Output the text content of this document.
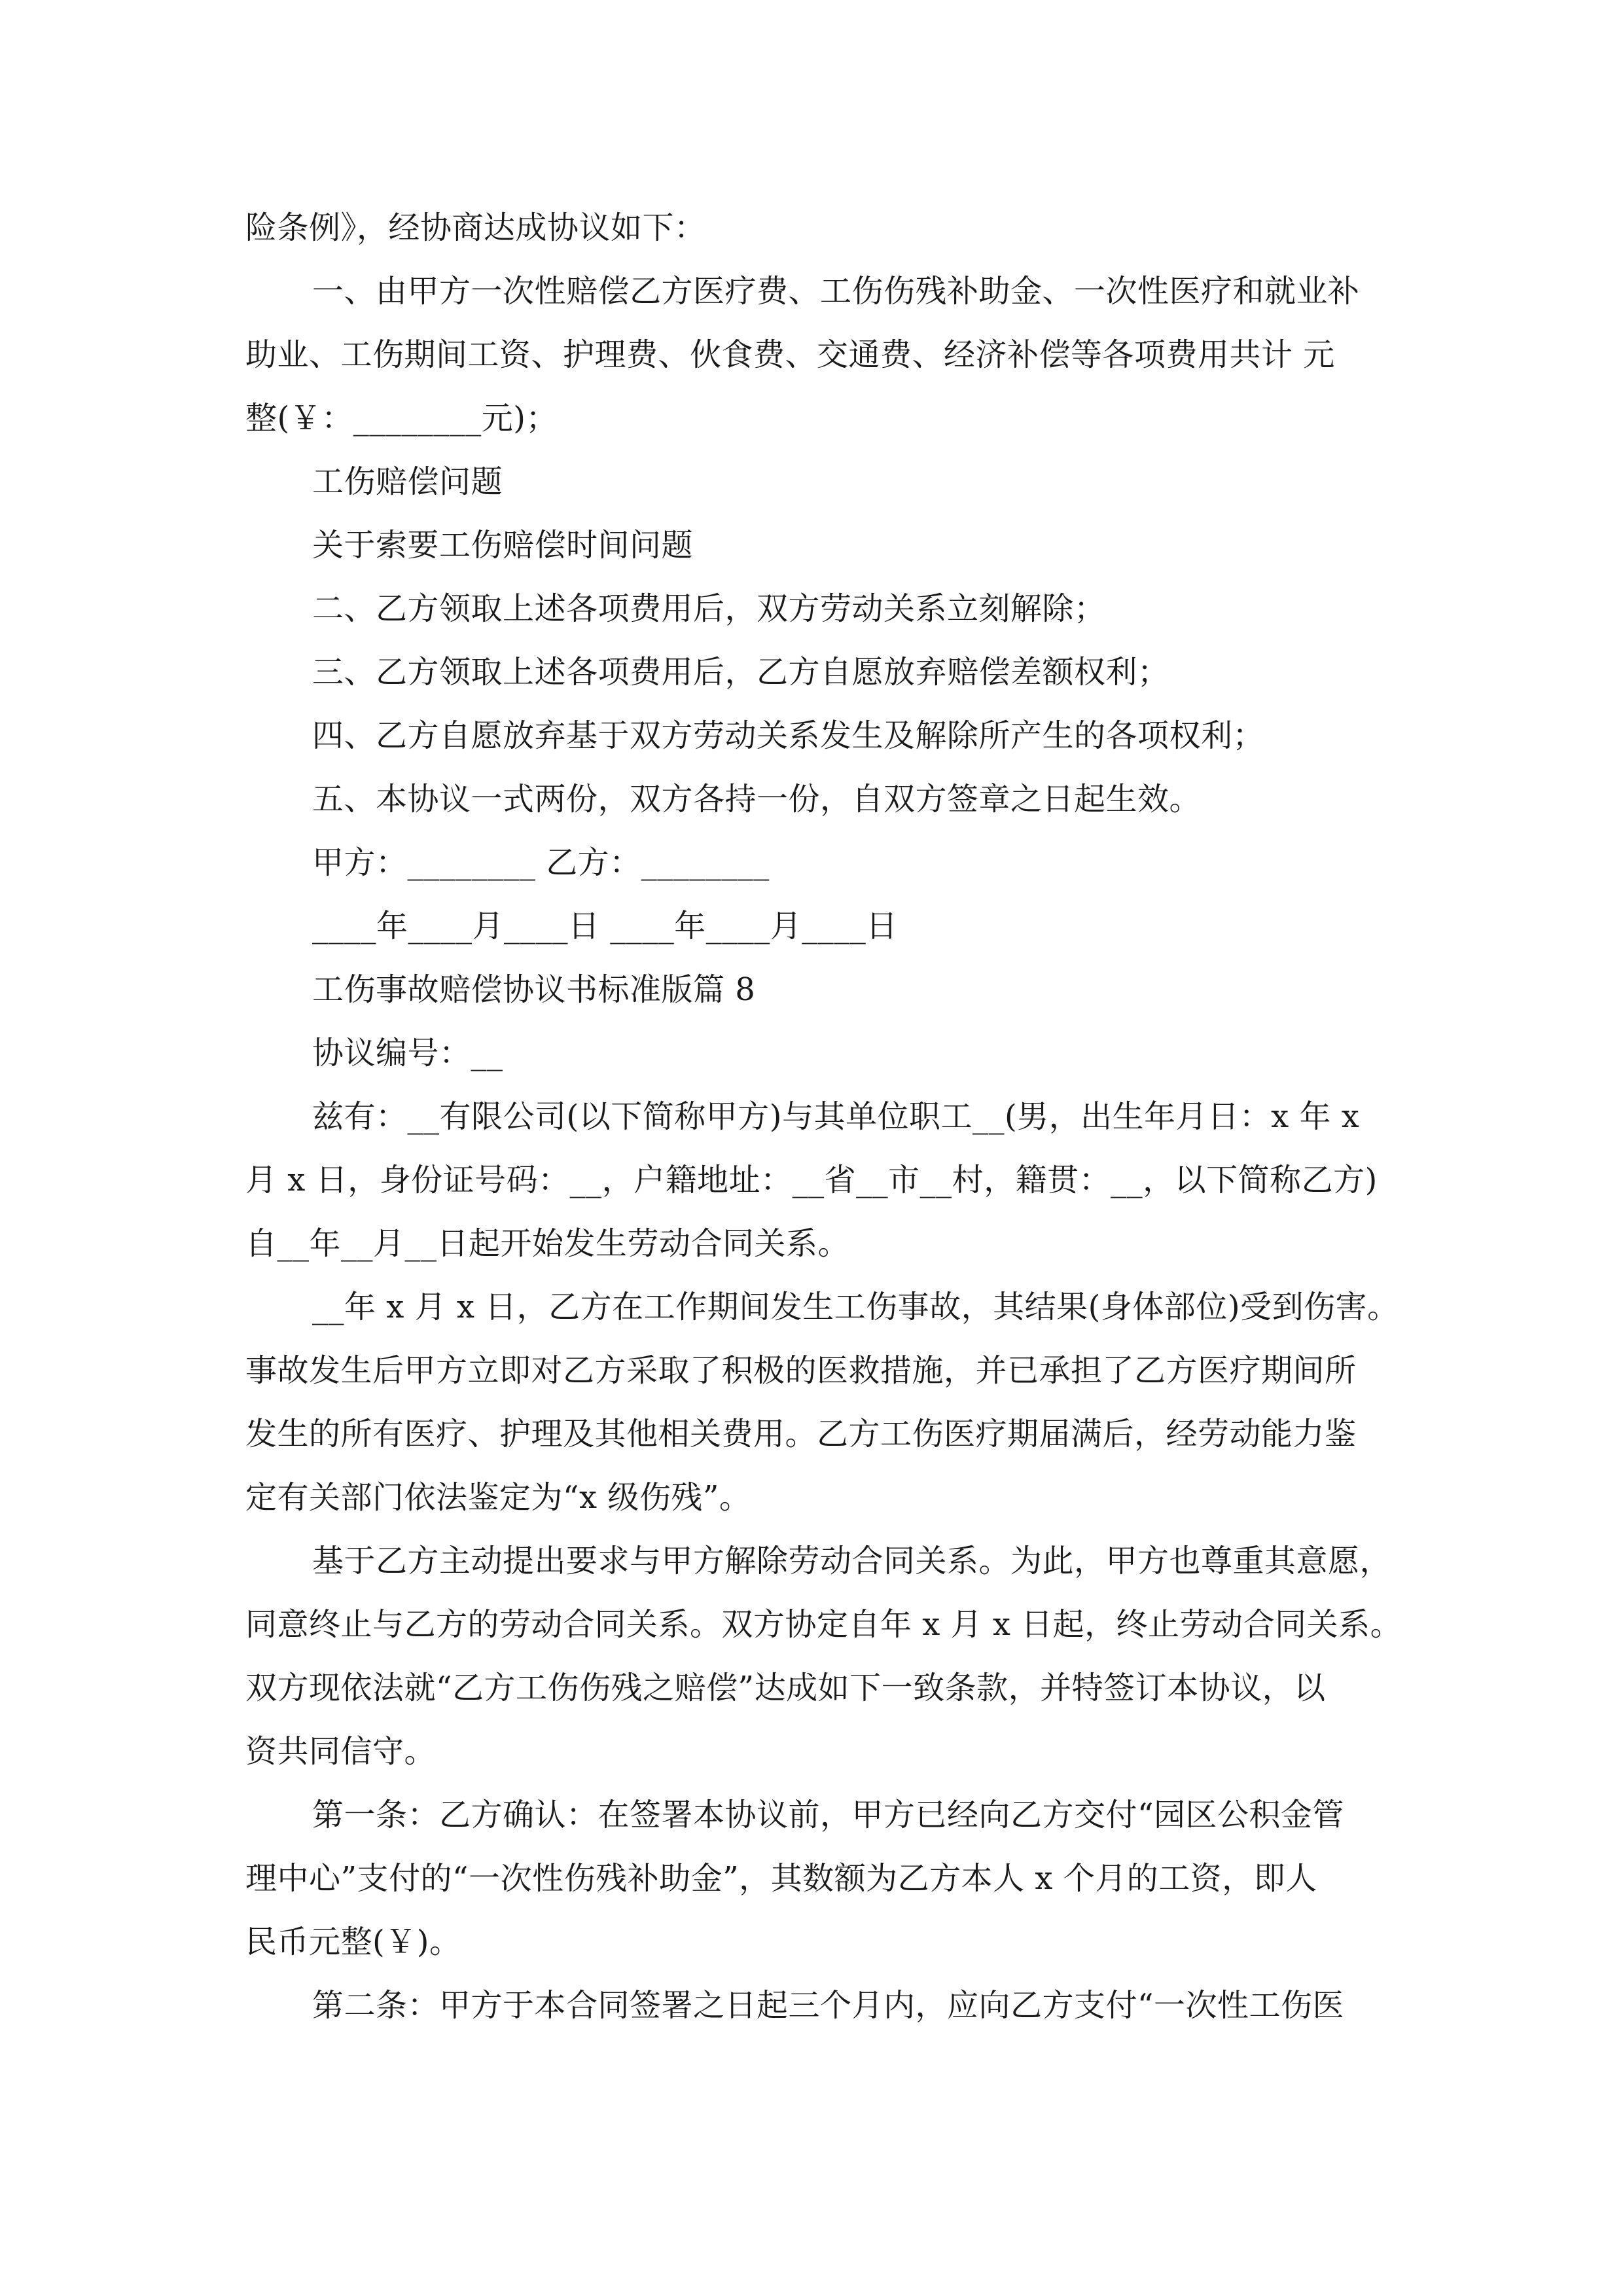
险条例》，经协商达成协议如下：
一、由甲方一次性赔偿乙方医疗费、工伤伤残补助金、一次性医疗和就业补
助业、工伤期间工资、护理费、伙食费、交通费、经济补偿等各项费用共计 元
整(￥：________元)；
工伤赔偿问题
关于索要工伤赔偿时间问题
二、乙方领取上述各项费用后，双方劳动关系立刻解除；
三、乙方领取上述各项费用后，乙方自愿放弃赔偿差额权利；
四、乙方自愿放弃基于双方劳动关系发生及解除所产生的各项权利；
五、本协议一式两份，双方各持一份，自双方签章之日起生效。
甲方：________ 乙方：________
____年____月____日 ____年____月____日
工伤事故赔偿协议书标准版篇 8
协议编号：__
兹有：__有限公司(以下简称甲方)与其单位职工__(男，出生年月日：x 年 x
月 x 日，身份证号码：__，户籍地址：__省__市__村，籍贯：__，以下简称乙方)
自__年__月__日起开始发生劳动合同关系。
__年 x 月 x 日，乙方在工作期间发生工伤事故，其结果(身体部位)受到伤害。
事故发生后甲方立即对乙方采取了积极的医救措施，并已承担了乙方医疗期间所
发生的所有医疗、护理及其他相关费用。乙方工伤医疗期届满后，经劳动能力鉴
定有关部门依法鉴定为“x 级伤残”。
基于乙方主动提出要求与甲方解除劳动合同关系。为此，甲方也尊重其意愿，
同意终止与乙方的劳动合同关系。双方协定自年 x 月 x 日起，终止劳动合同关系。
双方现依法就“乙方工伤伤残之赔偿”达成如下一致条款，并特签订本协议，以
资共同信守。
第一条：乙方确认：在签署本协议前，甲方已经向乙方交付“园区公积金管
理中心”支付的“一次性伤残补助金”，其数额为乙方本人 x 个月的工资，即人
民币元整(￥)。
第二条：甲方于本合同签署之日起三个月内，应向乙方支付“一次性工伤医
